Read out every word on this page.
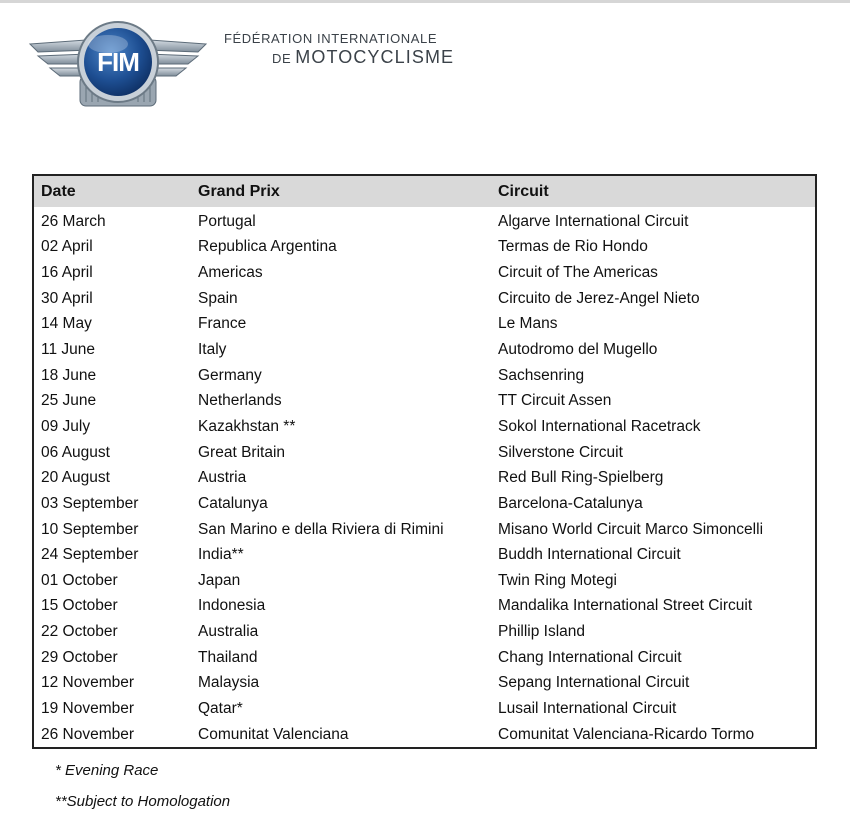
FIM
FÉDÉRATION INTERNATIONALE
DE MOTOCYCLISME
Date	Grand Prix	Circuit
26 March	Portugal	Algarve International Circuit
02 April	Republica Argentina	Termas de Rio Hondo
16 April	Americas	Circuit of The Americas
30 April	Spain	Circuito de Jerez-Angel Nieto
14 May	France	Le Mans
11 June	Italy	Autodromo del Mugello
18 June	Germany	Sachsenring
25 June	Netherlands	TT Circuit Assen
09 July	Kazakhstan **	Sokol International Racetrack
06 August	Great Britain	Silverstone Circuit
20 August	Austria	Red Bull Ring-Spielberg
03 September	Catalunya	Barcelona-Catalunya
10 September	San Marino e della Riviera di Rimini	Misano World Circuit Marco Simoncelli
24 September	India**	Buddh International Circuit
01 October	Japan	Twin Ring Motegi
15 October	Indonesia	Mandalika International Street Circuit
22 October	Australia	Phillip Island
29 October	Thailand	Chang International Circuit
12 November	Malaysia	Sepang International Circuit
19 November	Qatar*	Lusail International Circuit
26 November	Comunitat Valenciana	Comunitat Valenciana-Ricardo Tormo
* Evening Race
**Subject to Homologation
